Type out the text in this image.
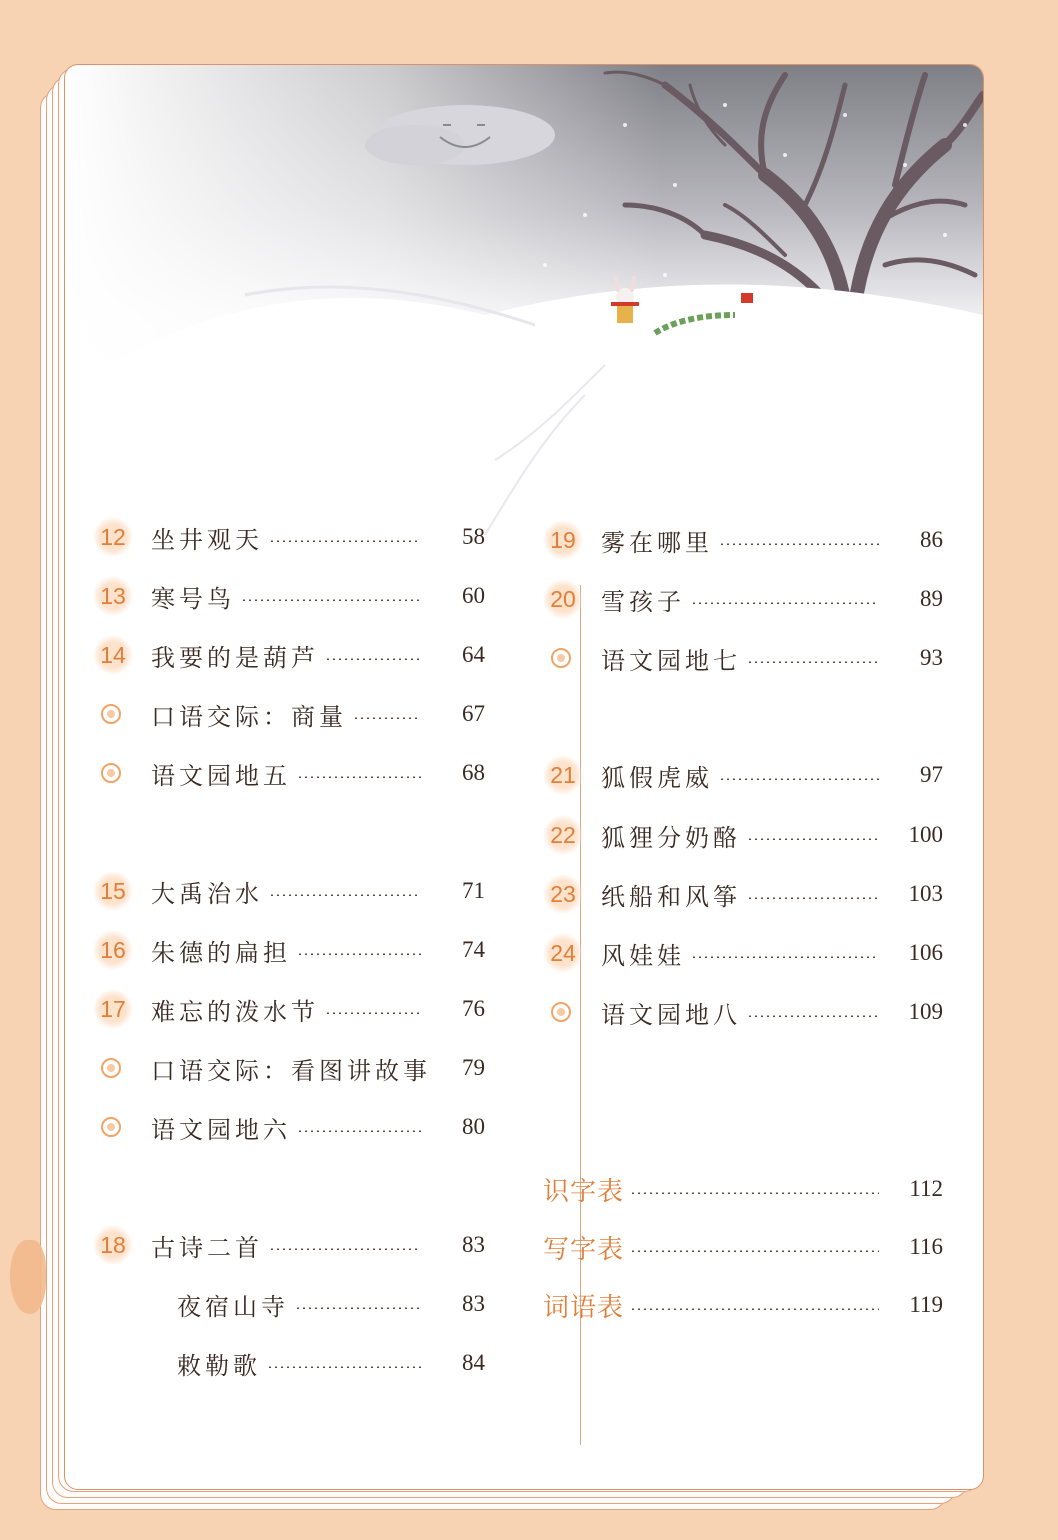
12	坐井观天	58
13	寒号鸟	60
14	我要的是葫芦	64
口语交际：商量	67
语文园地五	68
15	大禹治水	71
16	朱德的扁担	74
17	难忘的泼水节	76
口语交际：看图讲故事	79
语文园地六	80
18	古诗二首	83
夜宿山寺	83
敕勒歌	84
19	雾在哪里	86
20	雪孩子	89
语文园地七	93
21	狐假虎威	97
22	狐狸分奶酪	100
23	纸船和风筝	103
24	风娃娃	106
语文园地八	109
识字表	112
写字表	116
词语表	119
